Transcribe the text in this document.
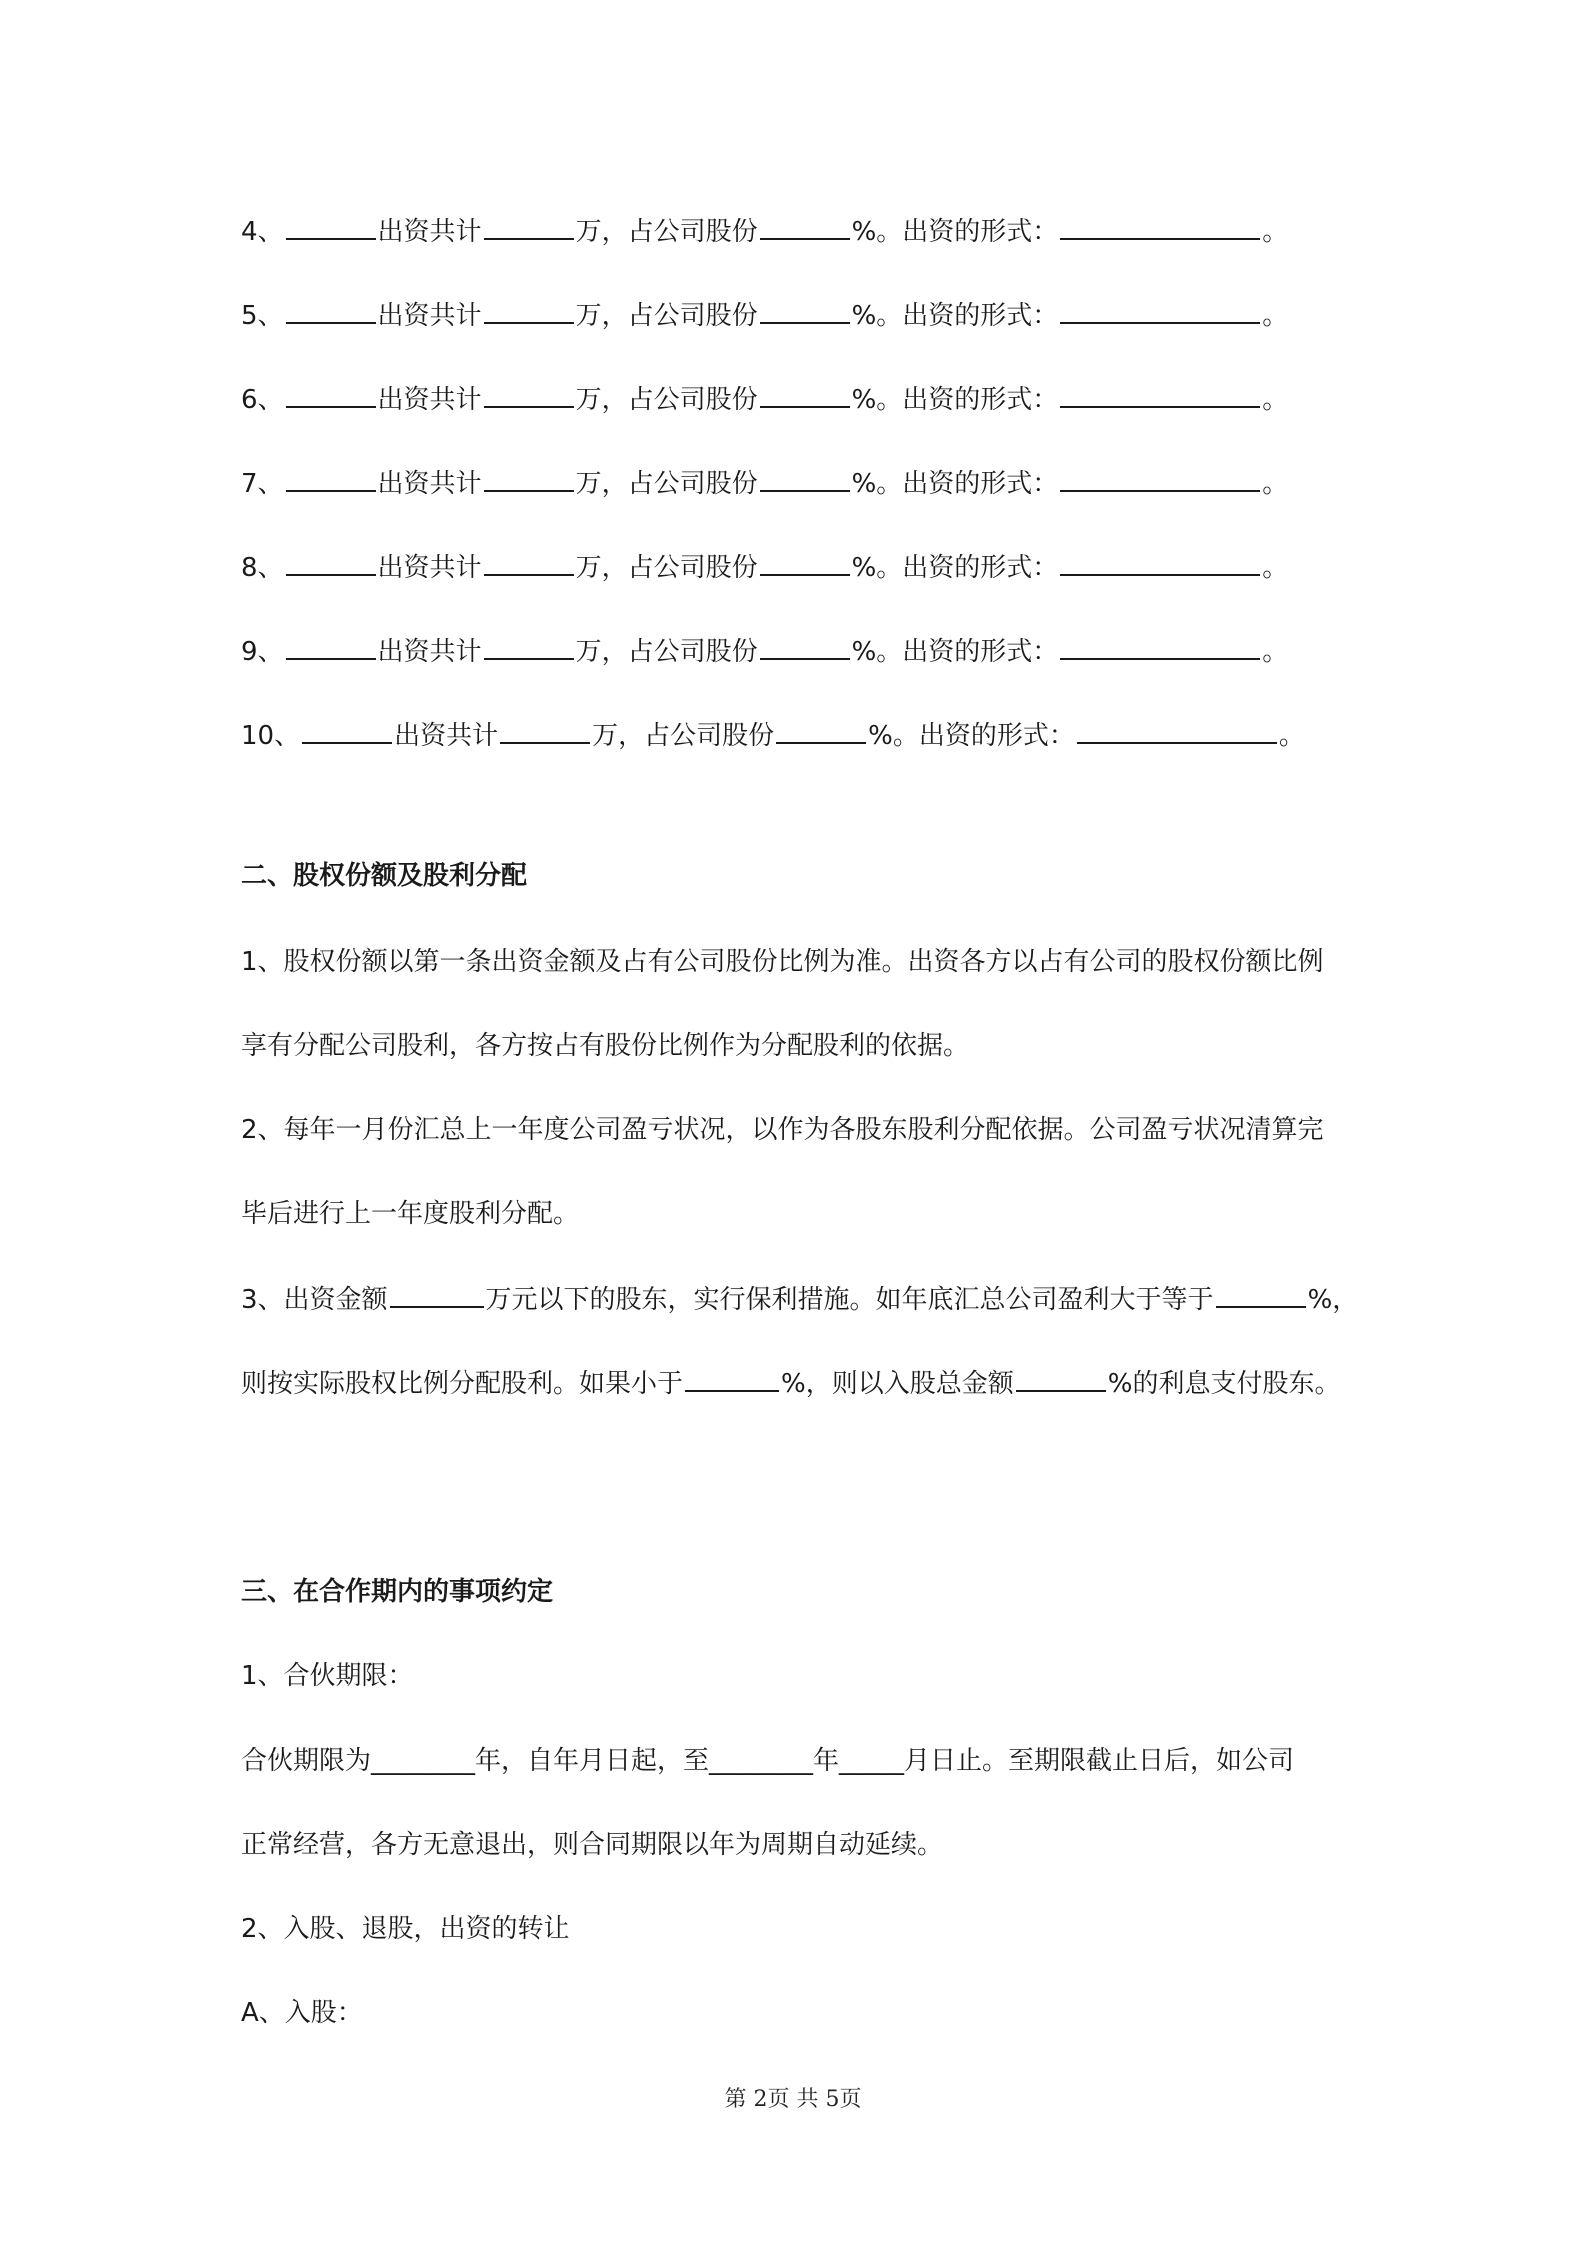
4、	出资共计	万，占公司股份	%。出资的形式：	。
5、	出资共计	万，占公司股份	%。出资的形式：	。
6、	出资共计	万，占公司股份	%。出资的形式：	。
7、	出资共计	万，占公司股份	%。出资的形式：	。
8、	出资共计	万，占公司股份	%。出资的形式：	。
9、	出资共计	万，占公司股份	%。出资的形式：	。
10、	出资共计	万，占公司股份	%。出资的形式：	。
二、股权份额及股利分配
1、股权份额以第一条出资金额及占有公司股份比例为准。出资各方以占有公司的股权份额比例
享有分配公司股利，各方按占有股份比例作为分配股利的依据。
2、每年一月份汇总上一年度公司盈亏状况，以作为各股东股利分配依据。公司盈亏状况清算完
毕后进行上一年度股利分配。
3、出资金额	万元以下的股东，实行保利措施。如年底汇总公司盈利大于等于	%，
则按实际股权比例分配股利。如果小于	%，则以入股总金额	%的利息支付股东。
三、在合作期内的事项约定
1、合伙期限：
合伙期限为________年，自年月日起，至________年_____月日止。至期限截止日后，如公司
正常经营，各方无意退出，则合同期限以年为周期自动延续。
2、入股、退股，出资的转让
A、入股：
第 2页 共 5页
